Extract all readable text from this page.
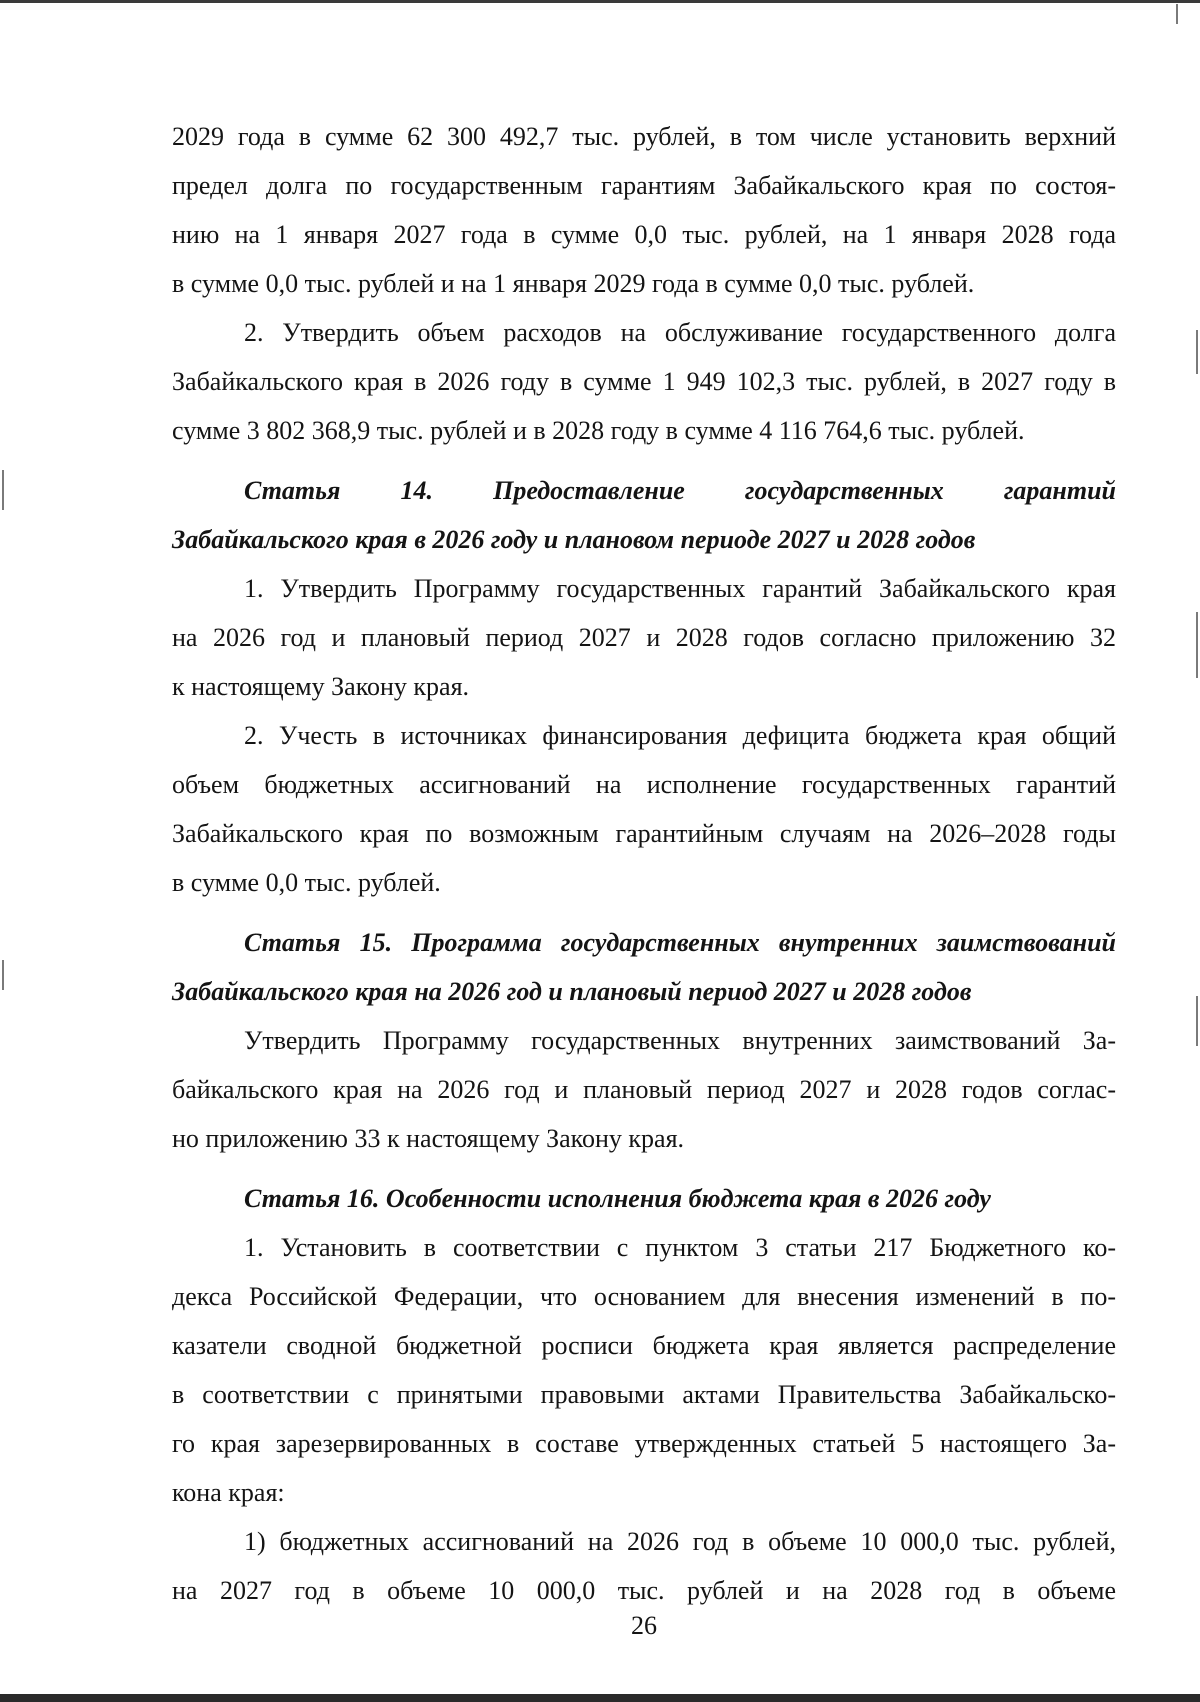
2029 года в сумме 62 300 492,7 тыс. рублей, в том числе установить верхний
предел долга по государственным гарантиям Забайкальского края по состоя-
нию на 1 января 2027 года в сумме 0,0 тыс. рублей, на 1 января 2028 года
в сумме 0,0 тыс. рублей и на 1 января 2029 года в сумме 0,0 тыс. рублей.
2. Утвердить объем расходов на обслуживание государственного долга
Забайкальского края в 2026 году в сумме 1 949 102,3 тыс. рублей, в 2027 году в
сумме 3 802 368,9 тыс. рублей и в 2028 году в сумме 4 116 764,6 тыс. рублей.
Статья 14. Предоставление государственных гарантий
Забайкальского края в 2026 году и плановом периоде 2027 и 2028 годов
1. Утвердить Программу государственных гарантий Забайкальского края
на 2026 год и плановый период 2027 и 2028 годов согласно приложению 32
к настоящему Закону края.
2. Учесть в источниках финансирования дефицита бюджета края общий
объем бюджетных ассигнований на исполнение государственных гарантий
Забайкальского края по возможным гарантийным случаям на 2026–2028 годы
в сумме 0,0 тыс. рублей.
Статья 15. Программа государственных внутренних заимствований
Забайкальского края на 2026 год и плановый период 2027 и 2028 годов
Утвердить Программу государственных внутренних заимствований За-
байкальского края на 2026 год и плановый период 2027 и 2028 годов соглас-
но приложению 33 к настоящему Закону края.
Статья 16. Особенности исполнения бюджета края в 2026 году
1. Установить в соответствии с пунктом 3 статьи 217 Бюджетного ко-
декса Российской Федерации, что основанием для внесения изменений в по-
казатели сводной бюджетной росписи бюджета края является распределение
в соответствии с принятыми правовыми актами Правительства Забайкальско-
го края зарезервированных в составе утвержденных статьей 5 настоящего За-
кона края:
1) бюджетных ассигнований на 2026 год в объеме 10 000,0 тыс. рублей,
на 2027 год в объеме 10 000,0 тыс. рублей и на 2028 год в объеме
26
